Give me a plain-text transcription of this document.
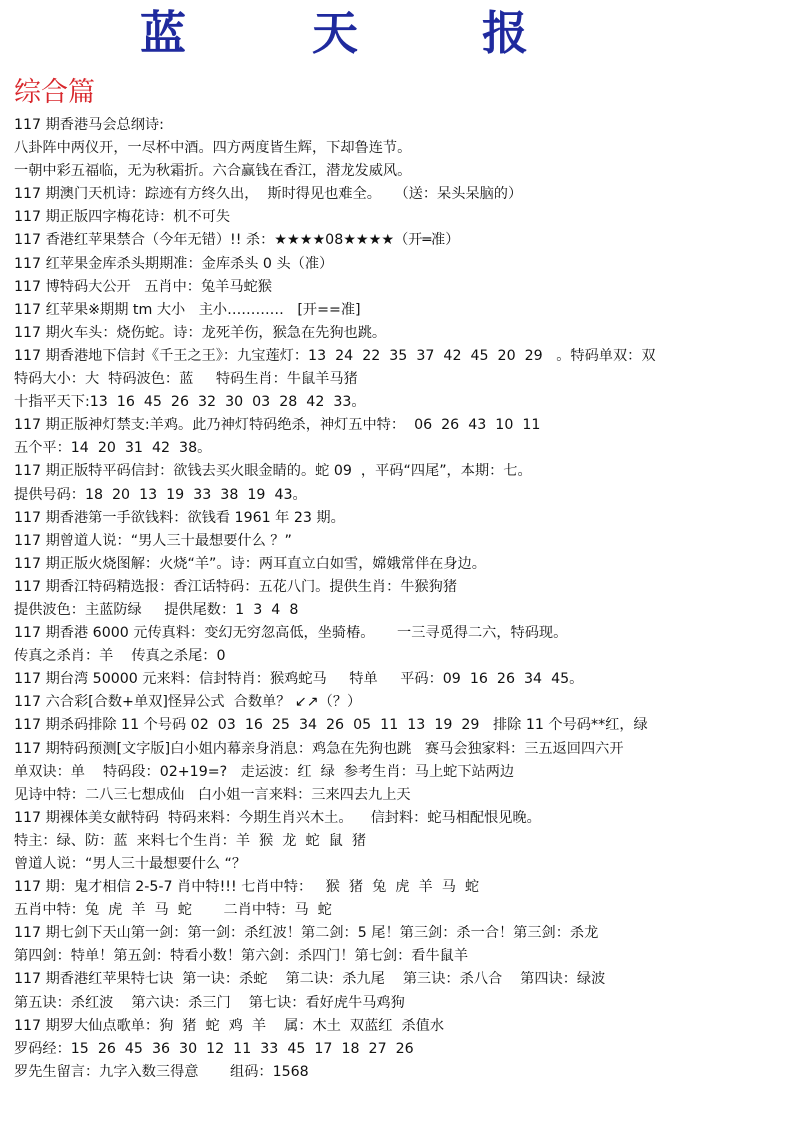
蓝	天	报
综合篇
117 期香港马会总纲诗:
八卦阵中两仪开，一尽杯中酒。四方两度皆生辉，下却鲁连节。
一朝中彩五福临，无为秋霜折。六合赢钱在香江，潜龙发威风。
117 期澳门天机诗：踪迹有方终久出，  斯时得见也难全。   （送：呆头呆脑的）
117 期正版四字梅花诗：机不可失
117 香港红苹果禁合（今年无错）!! 杀：★★★★08★★★★（开═准）
117 红苹果金库杀头期期准：金库杀头 0 头（准）
117 博特码大公开   五肖中：兔羊马蛇猴
117 红苹果※期期 tm 大小   主小…………   [开==准]
117 期火车头：烧伤蛇。诗：龙死羊伤，猴急在先狗也跳。
117 期香港地下信封《千王之王》：九宝莲灯：13  24  22  35  37  42  45  20  29   。特码单双：双
特码大小：大  特码波色：蓝     特码生肖：牛鼠羊马猪
十指平天下:13  16  45  26  32  30  03  28  42  33。
117 期正版神灯禁支:羊鸡。此乃神灯特码绝杀，神灯五中特：  06  26  43  10  11
五个平：14  20  31  42  38。
117 期正版特平码信封：欲钱去买火眼金睛的。蛇 09  ，平码“四尾”，本期：七。
提供号码：18  20  13  19  33  38  19  43。
117 期香港第一手欲钱料：欲钱看 1961 年 23 期。
117 期曾道人说：“男人三十最想要什么 ？”
117 期正版火烧图解：火烧“羊”。诗：两耳直立白如雪，嫦娥常伴在身边。
117 期香江特码精选报：香江话特码：五花八门。提供生肖：牛猴狗猪
提供波色：主蓝防绿     提供尾数：1  3  4  8
117 期香港 6000 元传真料：变幻无穷忽高低，坐骑椿。     一三寻觅得二六，特码现。
传真之杀肖：羊    传真之杀尾：0
117 期台湾 50000 元来料：信封特肖：猴鸡蛇马     特单     平码：09  16  26  34  45。
117 六合彩[合数+单双]怪异公式  合数单？ ↙↗（？）
117 期杀码排除 11 个号码 02  03  16  25  34  26  05  11  13  19  29   排除 11 个号码**红，绿
117 期特码预测[文字版]白小姐内幕亲身消息：鸡急在先狗也跳   赛马会独家料：三五返回四六开
单双诀：单    特码段：02+19=?   走运波：红  绿  参考生肖：马上蛇下站两边
见诗中特：二八三七想成仙   白小姐一言来料：三来四去九上天
117 期裸体美女献特码  特码来料：今期生肖兴木土。    信封料：蛇马相配恨见晚。
特主：绿、防：蓝  来料七个生肖：羊  猴  龙  蛇  鼠  猪
曾道人说：“男人三十最想要什么 “？
117 期：鬼才相信 2-5-7 肖中特!!! 七肖中特：   猴  猪  兔  虎  羊  马  蛇
五肖中特：兔  虎  羊  马  蛇       二肖中特：马  蛇
117 期七剑下天山第一剑：第一剑：杀红波！第二剑：5 尾！第三剑：杀一合！第三剑：杀龙
第四剑：特单！第五剑：特看小数！第六剑：杀四门！第七剑：看牛鼠羊
117 期香港红苹果特七诀  第一诀：杀蛇    第二诀：杀九尾    第三诀：杀八合    第四诀：绿波
第五诀：杀红波    第六诀：杀三门    第七诀：看好虎牛马鸡狗
117 期罗大仙点歌单：狗  猪  蛇  鸡  羊    属：木土  双蓝红  杀值水
罗码经：15  26  45  36  30  12  11  33  45  17  18  27  26
罗先生留言：九字入数三得意       组码：1568
